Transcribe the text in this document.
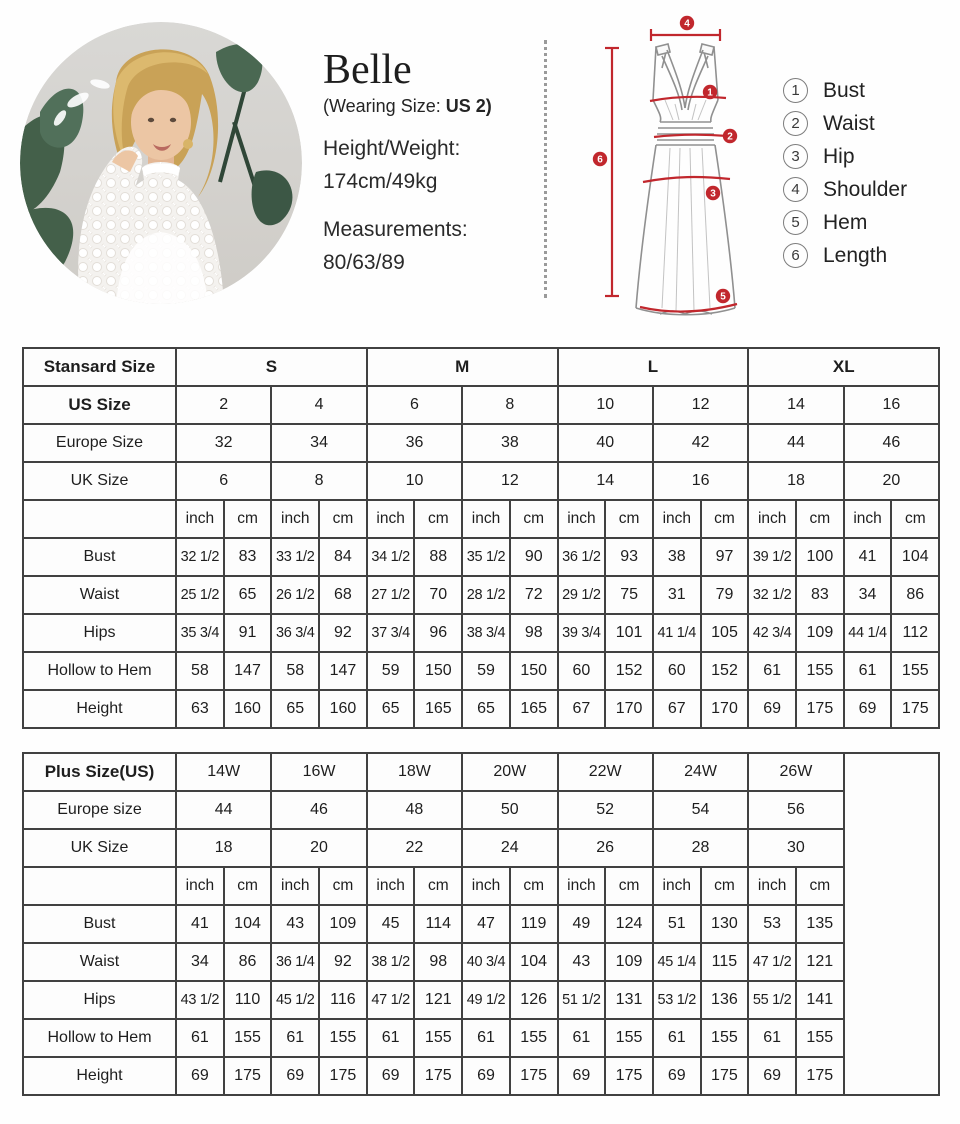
Belle
(Wearing Size: US 2)
Height/Weight:
174cm/49kg
Measurements:
80/63/89
4
1
2
3
5
6
1	Bust
2	Waist
3	Hip
4	Shoulder
5	Hem
6	Length
Stansard Size	S				M				L				XL			
US Size	2		4		6		8		10		12		14		16	
Europe Size	32		34		36		38		40		42		44		46	
UK Size	6		8		10		12		14		16		18		20	
	inch	cm	inch	cm	inch	cm	inch	cm	inch	cm	inch	cm	inch	cm	inch	cm
Bust	32 1/2	83	33 1/2	84	34 1/2	88	35 1/2	90	36 1/2	93	38	97	39 1/2	100	41	104
Waist	25 1/2	65	26 1/2	68	27 1/2	70	28 1/2	72	29 1/2	75	31	79	32 1/2	83	34	86
Hips	35 3/4	91	36 3/4	92	37 3/4	96	38 3/4	98	39 3/4	101	41 1/4	105	42 3/4	109	44 1/4	112
Hollow to Hem	58	147	58	147	59	150	59	150	60	152	60	152	61	155	61	155
Height	63	160	65	160	65	165	65	165	67	170	67	170	69	175	69	175
Plus Size(US)	14W		16W		18W		20W		22W		24W		26W		
Europe size	44		46		48		50		52		54		56		
UK Size	18		20		22		24		26		28		30		
	inch	cm	inch	cm	inch	cm	inch	cm	inch	cm	inch	cm	inch	cm	
Bust	41	104	43	109	45	114	47	119	49	124	51	130	53	135	
Waist	34	86	36 1/4	92	38 1/2	98	40 3/4	104	43	109	45 1/4	115	47 1/2	121	
Hips	43 1/2	110	45 1/2	116	47 1/2	121	49 1/2	126	51 1/2	131	53 1/2	136	55 1/2	141	
Hollow to Hem	61	155	61	155	61	155	61	155	61	155	61	155	61	155	
Height	69	175	69	175	69	175	69	175	69	175	69	175	69	175	
